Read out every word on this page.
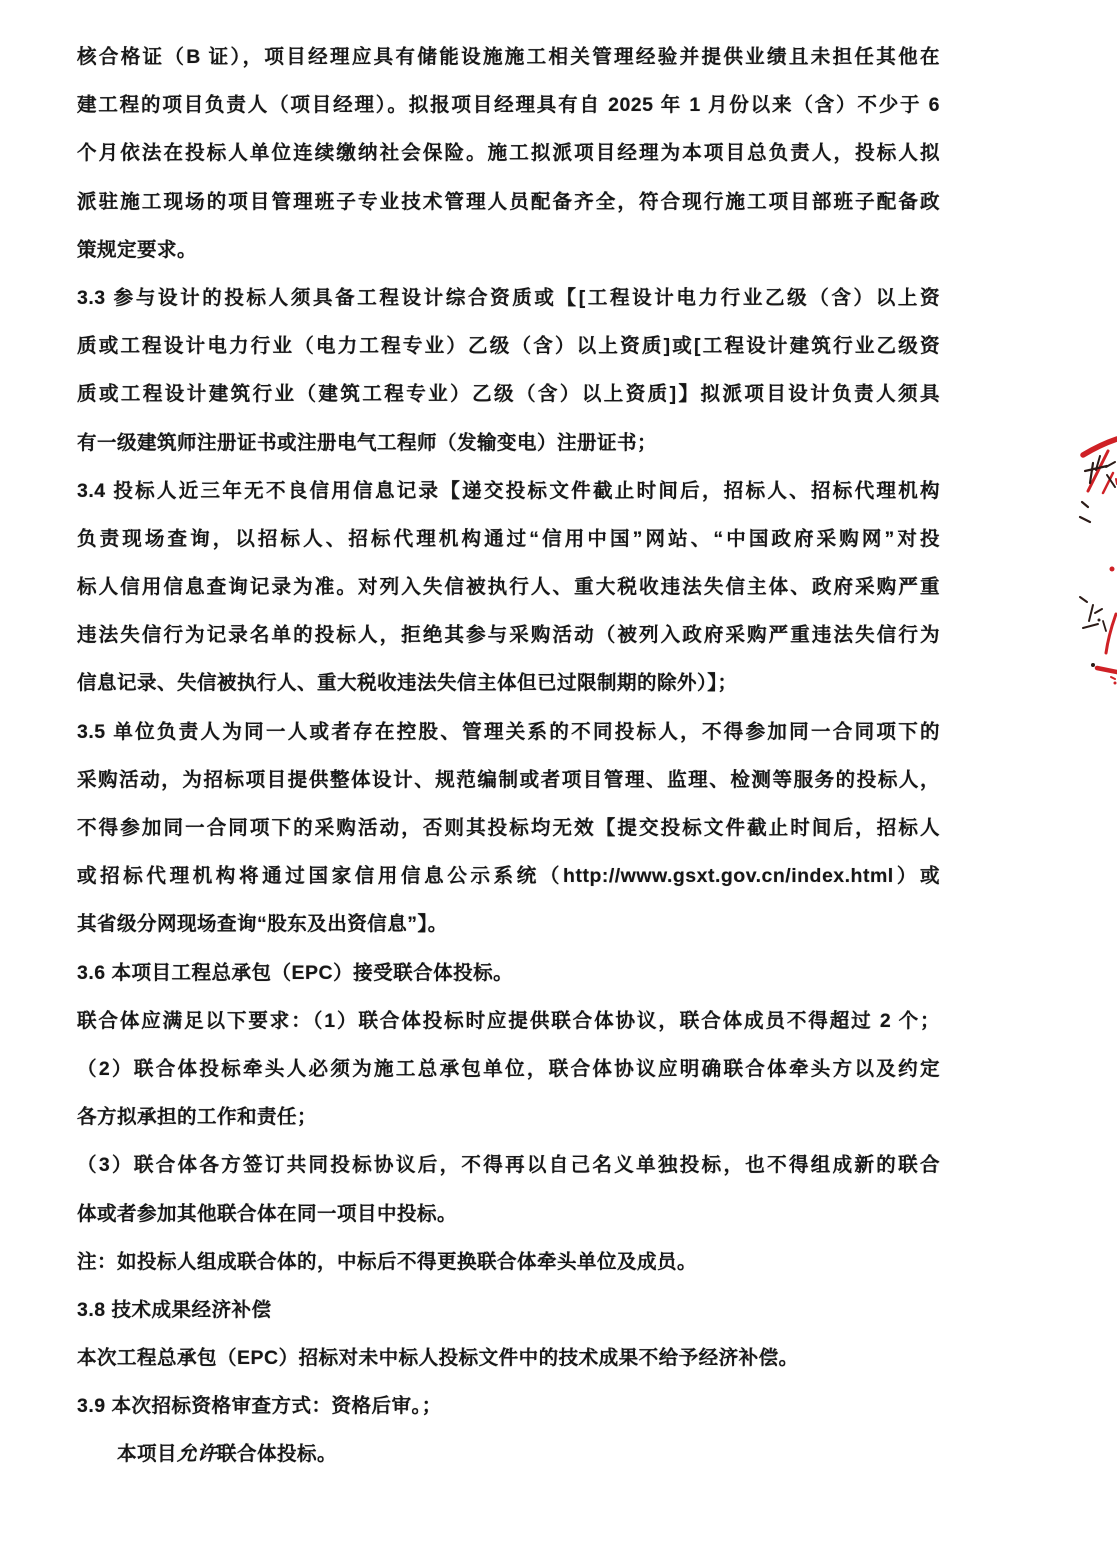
核合格证（B 证），项目经理应具有储能设施施工相关管理经验并提供业绩且未担任其他在
建工程的项目负责人（项目经理）。拟报项目经理具有自 2025 年 1 月份以来（含）不少于 6
个月依法在投标人单位连续缴纳社会保险。施工拟派项目经理为本项目总负责人，投标人拟
派驻施工现场的项目管理班子专业技术管理人员配备齐全，符合现行施工项目部班子配备政
策规定要求。
3.3 参与设计的投标人须具备工程设计综合资质或【[工程设计电力行业乙级（含）以上资
质或工程设计电力行业（电力工程专业）乙级（含）以上资质]或[工程设计建筑行业乙级资
质或工程设计建筑行业（建筑工程专业）乙级（含）以上资质]】拟派项目设计负责人须具
有一级建筑师注册证书或注册电气工程师（发输变电）注册证书；
3.4 投标人近三年无不良信用信息记录【递交投标文件截止时间后，招标人、招标代理机构
负责现场查询，以招标人、招标代理机构通过“信用中国”网站、“中国政府采购网”对投
标人信用信息查询记录为准。对列入失信被执行人、重大税收违法失信主体、政府采购严重
违法失信行为记录名单的投标人，拒绝其参与采购活动（被列入政府采购严重违法失信行为
信息记录、失信被执行人、重大税收违法失信主体但已过限制期的除外）】；
3.5 单位负责人为同一人或者存在控股、管理关系的不同投标人，不得参加同一合同项下的
采购活动，为招标项目提供整体设计、规范编制或者项目管理、监理、检测等服务的投标人，
不得参加同一合同项下的采购活动，否则其投标均无效【提交投标文件截止时间后，招标人
或招标代理机构将通过国家信用信息公示系统（http://www.gsxt.gov.cn/index.html）或
其省级分网现场查询“股东及出资信息”】。
3.6 本项目工程总承包（EPC）接受联合体投标。
联合体应满足以下要求：（1）联合体投标时应提供联合体协议，联合体成员不得超过 2 个；
（2）联合体投标牵头人必须为施工总承包单位，联合体协议应明确联合体牵头方以及约定
各方拟承担的工作和责任；
（3）联合体各方签订共同投标协议后，不得再以自己名义单独投标，也不得组成新的联合
体或者参加其他联合体在同一项目中投标。
注：如投标人组成联合体的，中标后不得更换联合体牵头单位及成员。
3.8 技术成果经济补偿
本次工程总承包（EPC）招标对未中标人投标文件中的技术成果不给予经济补偿。
3.9 本次招标资格审查方式：资格后审。；
本项目允许联合体投标。
